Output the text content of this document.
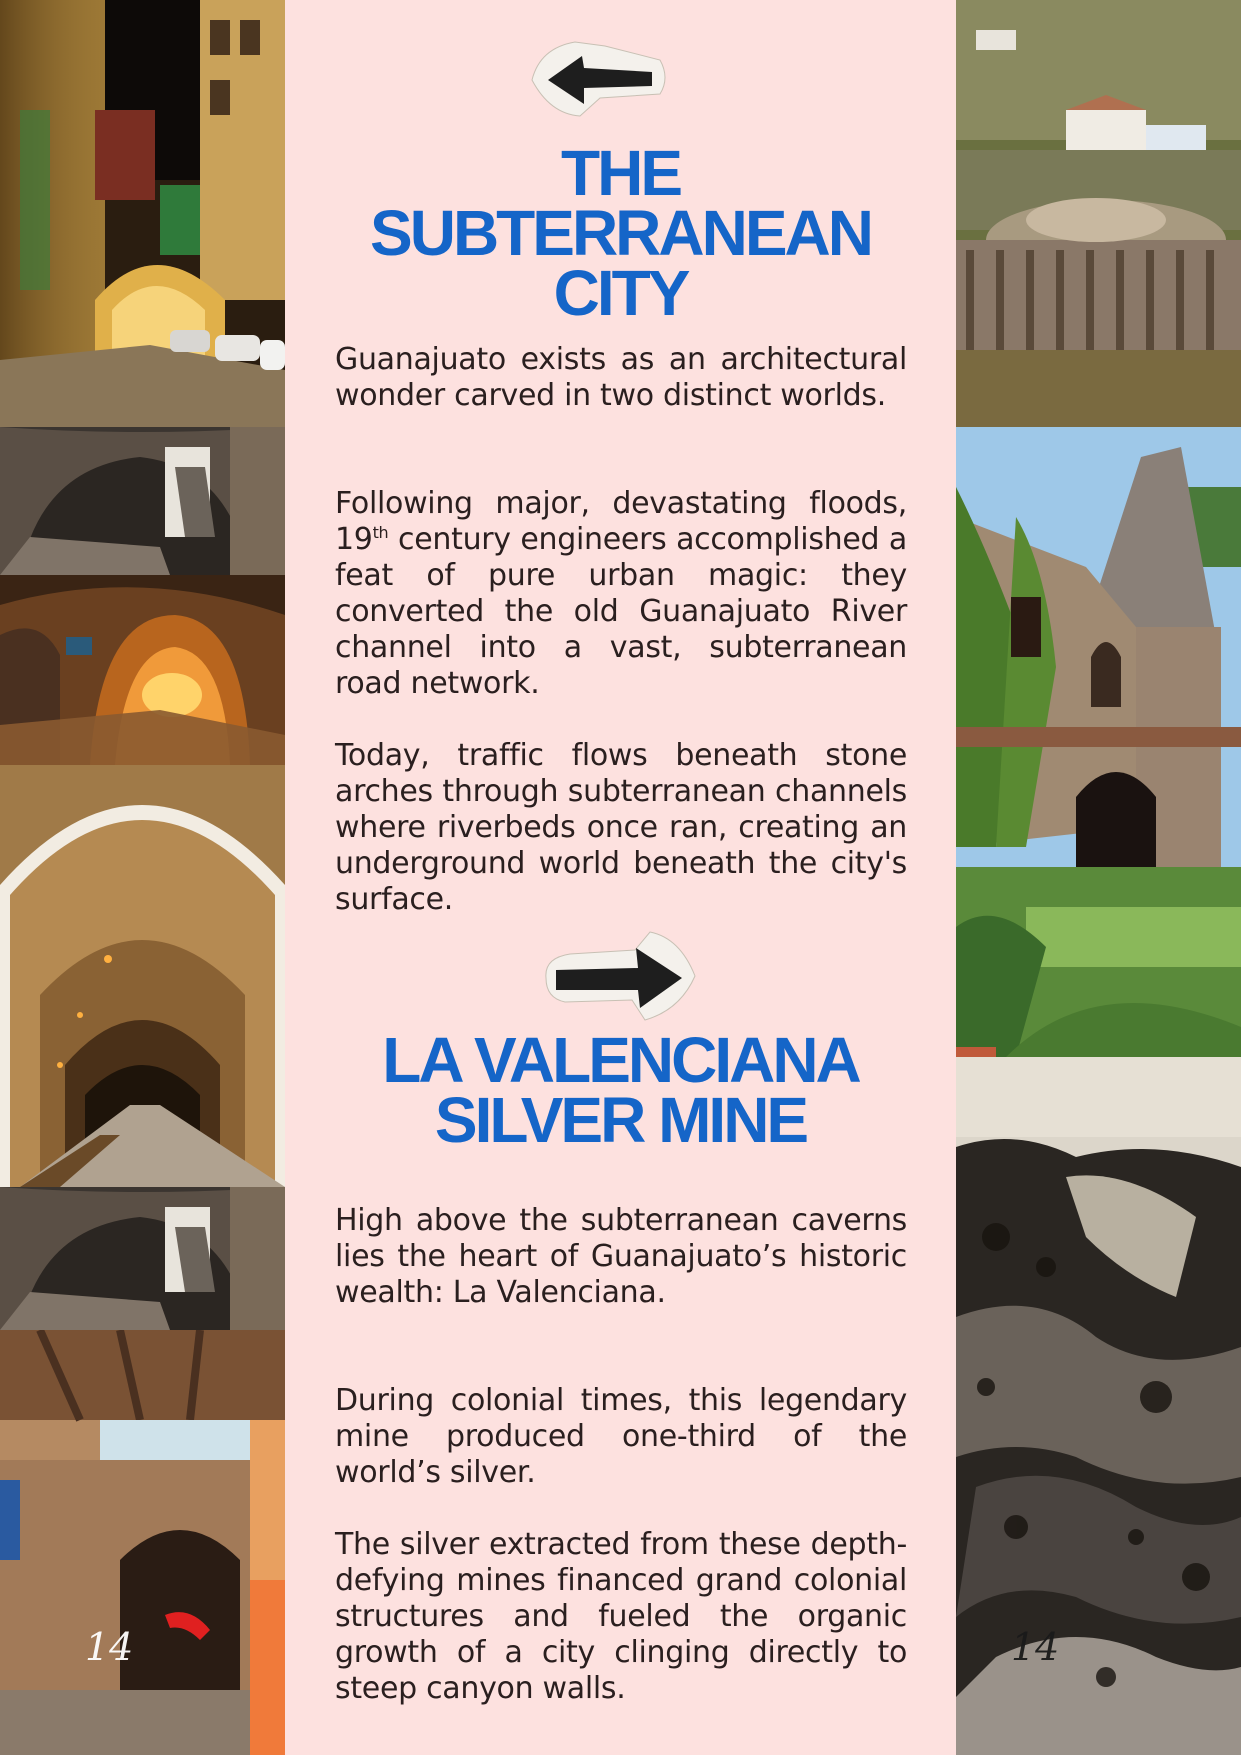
14
THE
SUBTERRANEAN
CITY

Guanajuato exists as an architectural wonder carved in two distinct worlds.

Following major, devastating floods, 19th century engineers accomplished a feat of pure urban magic: they converted the old Guanajuato River channel into a vast, subterranean road network.

Today, traffic flows beneath stone arches through subterranean channels where riverbeds once ran, creating an underground world beneath the city's surface.

LA VALENCIANA
SILVER MINE

High above the subterranean caverns lies the heart of Guanajuato’s historic wealth: La Valenciana.

During colonial times, this legendary mine produced one-third of the world’s silver.

The silver extracted from these depth-defying mines financed grand colonial structures and fueled the organic growth of a city clinging directly to steep canyon walls.

14
